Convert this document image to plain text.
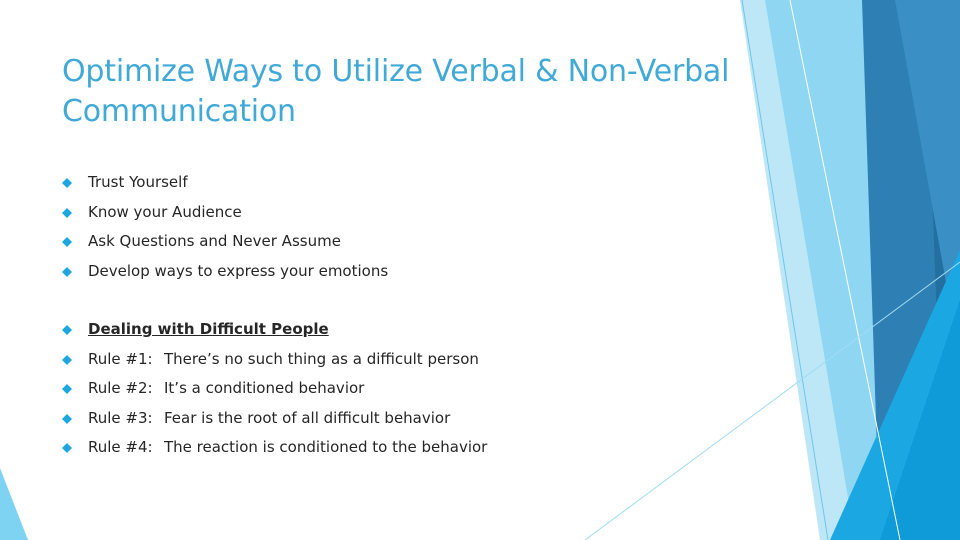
Optimize Ways to Utilize Verbal & Non-Verbal Communication
Trust Yourself
Know your Audience
Ask Questions and Never Assume
Develop ways to express your emotions
Dealing with Difficult People
Rule #1: There’s no such thing as a difficult person
Rule #2: It’s a conditioned behavior
Rule #3: Fear is the root of all difficult behavior
Rule #4: The reaction is conditioned to the behavior
